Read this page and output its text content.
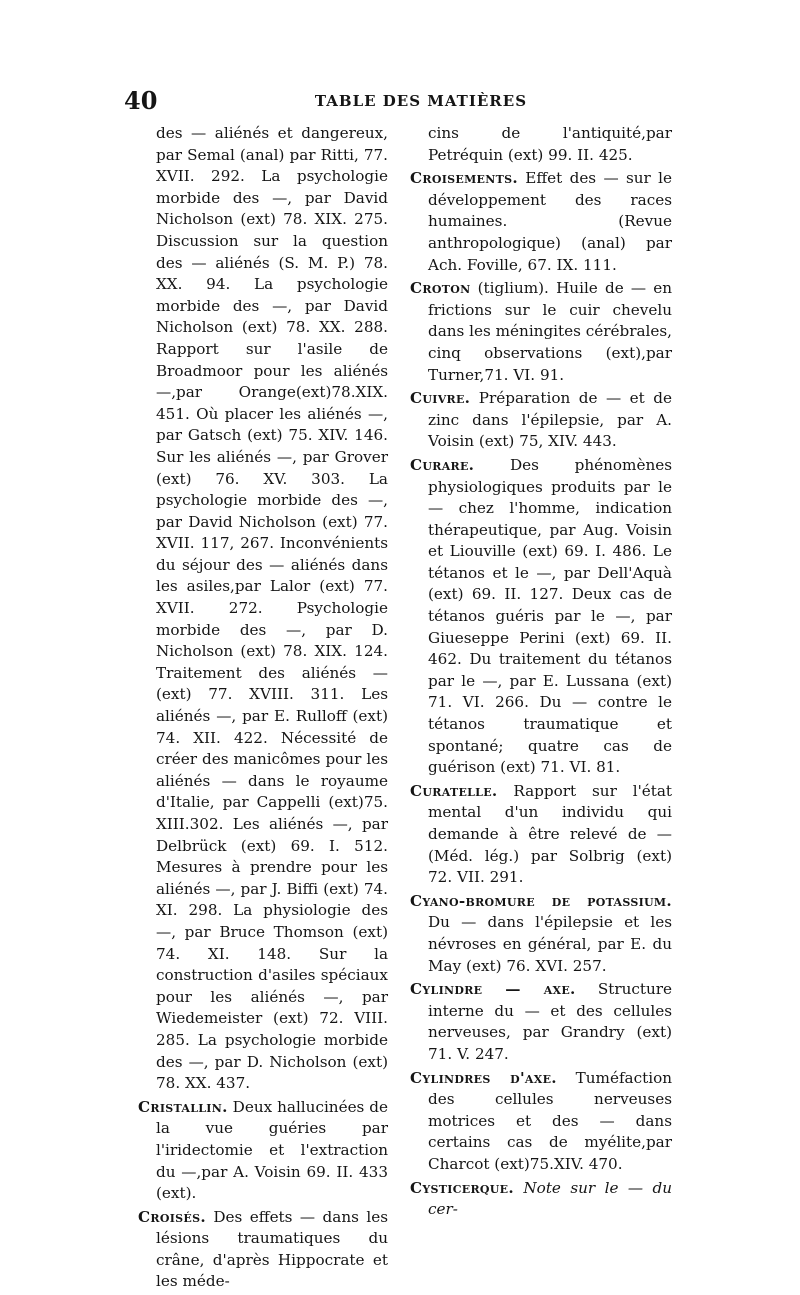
40	TABLE DES MATIÈRES

des — aliénés et dangereux, par Semal (anal) par Ritti, 77. XVII. 292. La psychologie morbide des —, par David Nicholson (ext) 78. XIX. 275. Discussion sur la question des — aliénés (S. M. P.) 78. XX. 94. La psychologie morbide des —, par David Nicholson (ext) 78. XX. 288. Rapport sur l'asile de Broadmoor pour les aliénés—,par Orange(ext)78.XIX. 451. Où placer les aliénés —, par Gatsch (ext) 75. XIV. 146. Sur les aliénés —, par Grover (ext) 76. XV. 303. La psychologie morbide des —, par David Nicholson (ext) 77. XVII. 117, 267. Inconvénients du séjour des — aliénés dans les asiles,par Lalor (ext) 77. XVII. 272. Psychologie morbide des —, par D. Nicholson (ext) 78. XIX. 124. Traitement des aliénés — (ext) 77. XVIII. 311. Les aliénés —, par E. Rulloff (ext) 74. XII. 422. Nécessité de créer des manicômes pour les aliénés — dans le royaume d'Italie, par Cappelli (ext)75. XIII.302. Les aliénés —, par Delbrück (ext) 69. I. 512. Mesures à prendre pour les aliénés —, par J. Biffi (ext) 74. XI. 298. La physiologie des —, par Bruce Thomson (ext) 74. XI. 148. Sur la construction d'asiles spéciaux pour les aliénés —, par Wiedemeister (ext) 72. VIII. 285. La psychologie morbide des —, par D. Nicholson (ext) 78. XX. 437.

Cristallin. Deux hallucinées de la vue guéries par l'iridectomie et l'extraction du —,par A. Voisin 69. II. 433 (ext).

Croisés. Des effets — dans les lésions traumatiques du crâne, d'après Hippocrate et les méde-

cins de l'antiquité,par Petréquin (ext) 99. II. 425.

Croisements. Effet des — sur le développement des races humaines. (Revue anthropologique) (anal) par Ach. Foville, 67. IX. 111.

Croton (tiglium). Huile de — en frictions sur le cuir chevelu dans les méningites cérébrales, cinq observations (ext),par Turner,71. VI. 91.

Cuivre. Préparation de — et de zinc dans l'épilepsie, par A. Voisin (ext) 75, XIV. 443.

Curare. Des phénomènes physiologiques produits par le — chez l'homme, indication thérapeutique, par Aug. Voisin et Liouville (ext) 69. I. 486. Le tétanos et le —, par Dell'Aquà (ext) 69. II. 127. Deux cas de tétanos guéris par le —, par Giueseppe Perini (ext) 69. II. 462. Du traitement du tétanos par le —, par E. Lussana (ext) 71. VI. 266. Du — contre le tétanos traumatique et spontané; quatre cas de guérison (ext) 71. VI. 81.

Curatelle. Rapport sur l'état mental d'un individu qui demande à être relevé de — (Méd. lég.) par Solbrig (ext) 72. VII. 291.

Cyano-bromure de potassium. Du — dans l'épilepsie et les névroses en général, par E. du May (ext) 76. XVI. 257.

Cylindre — axe. Structure interne du — et des cellules nerveuses, par Grandry (ext) 71. V. 247.

Cylindres d'axe. Tuméfaction des cellules nerveuses motrices et des — dans certains cas de myélite,par Charcot (ext)75.XIV. 470.

Cysticerque. Note sur le — du cer-
